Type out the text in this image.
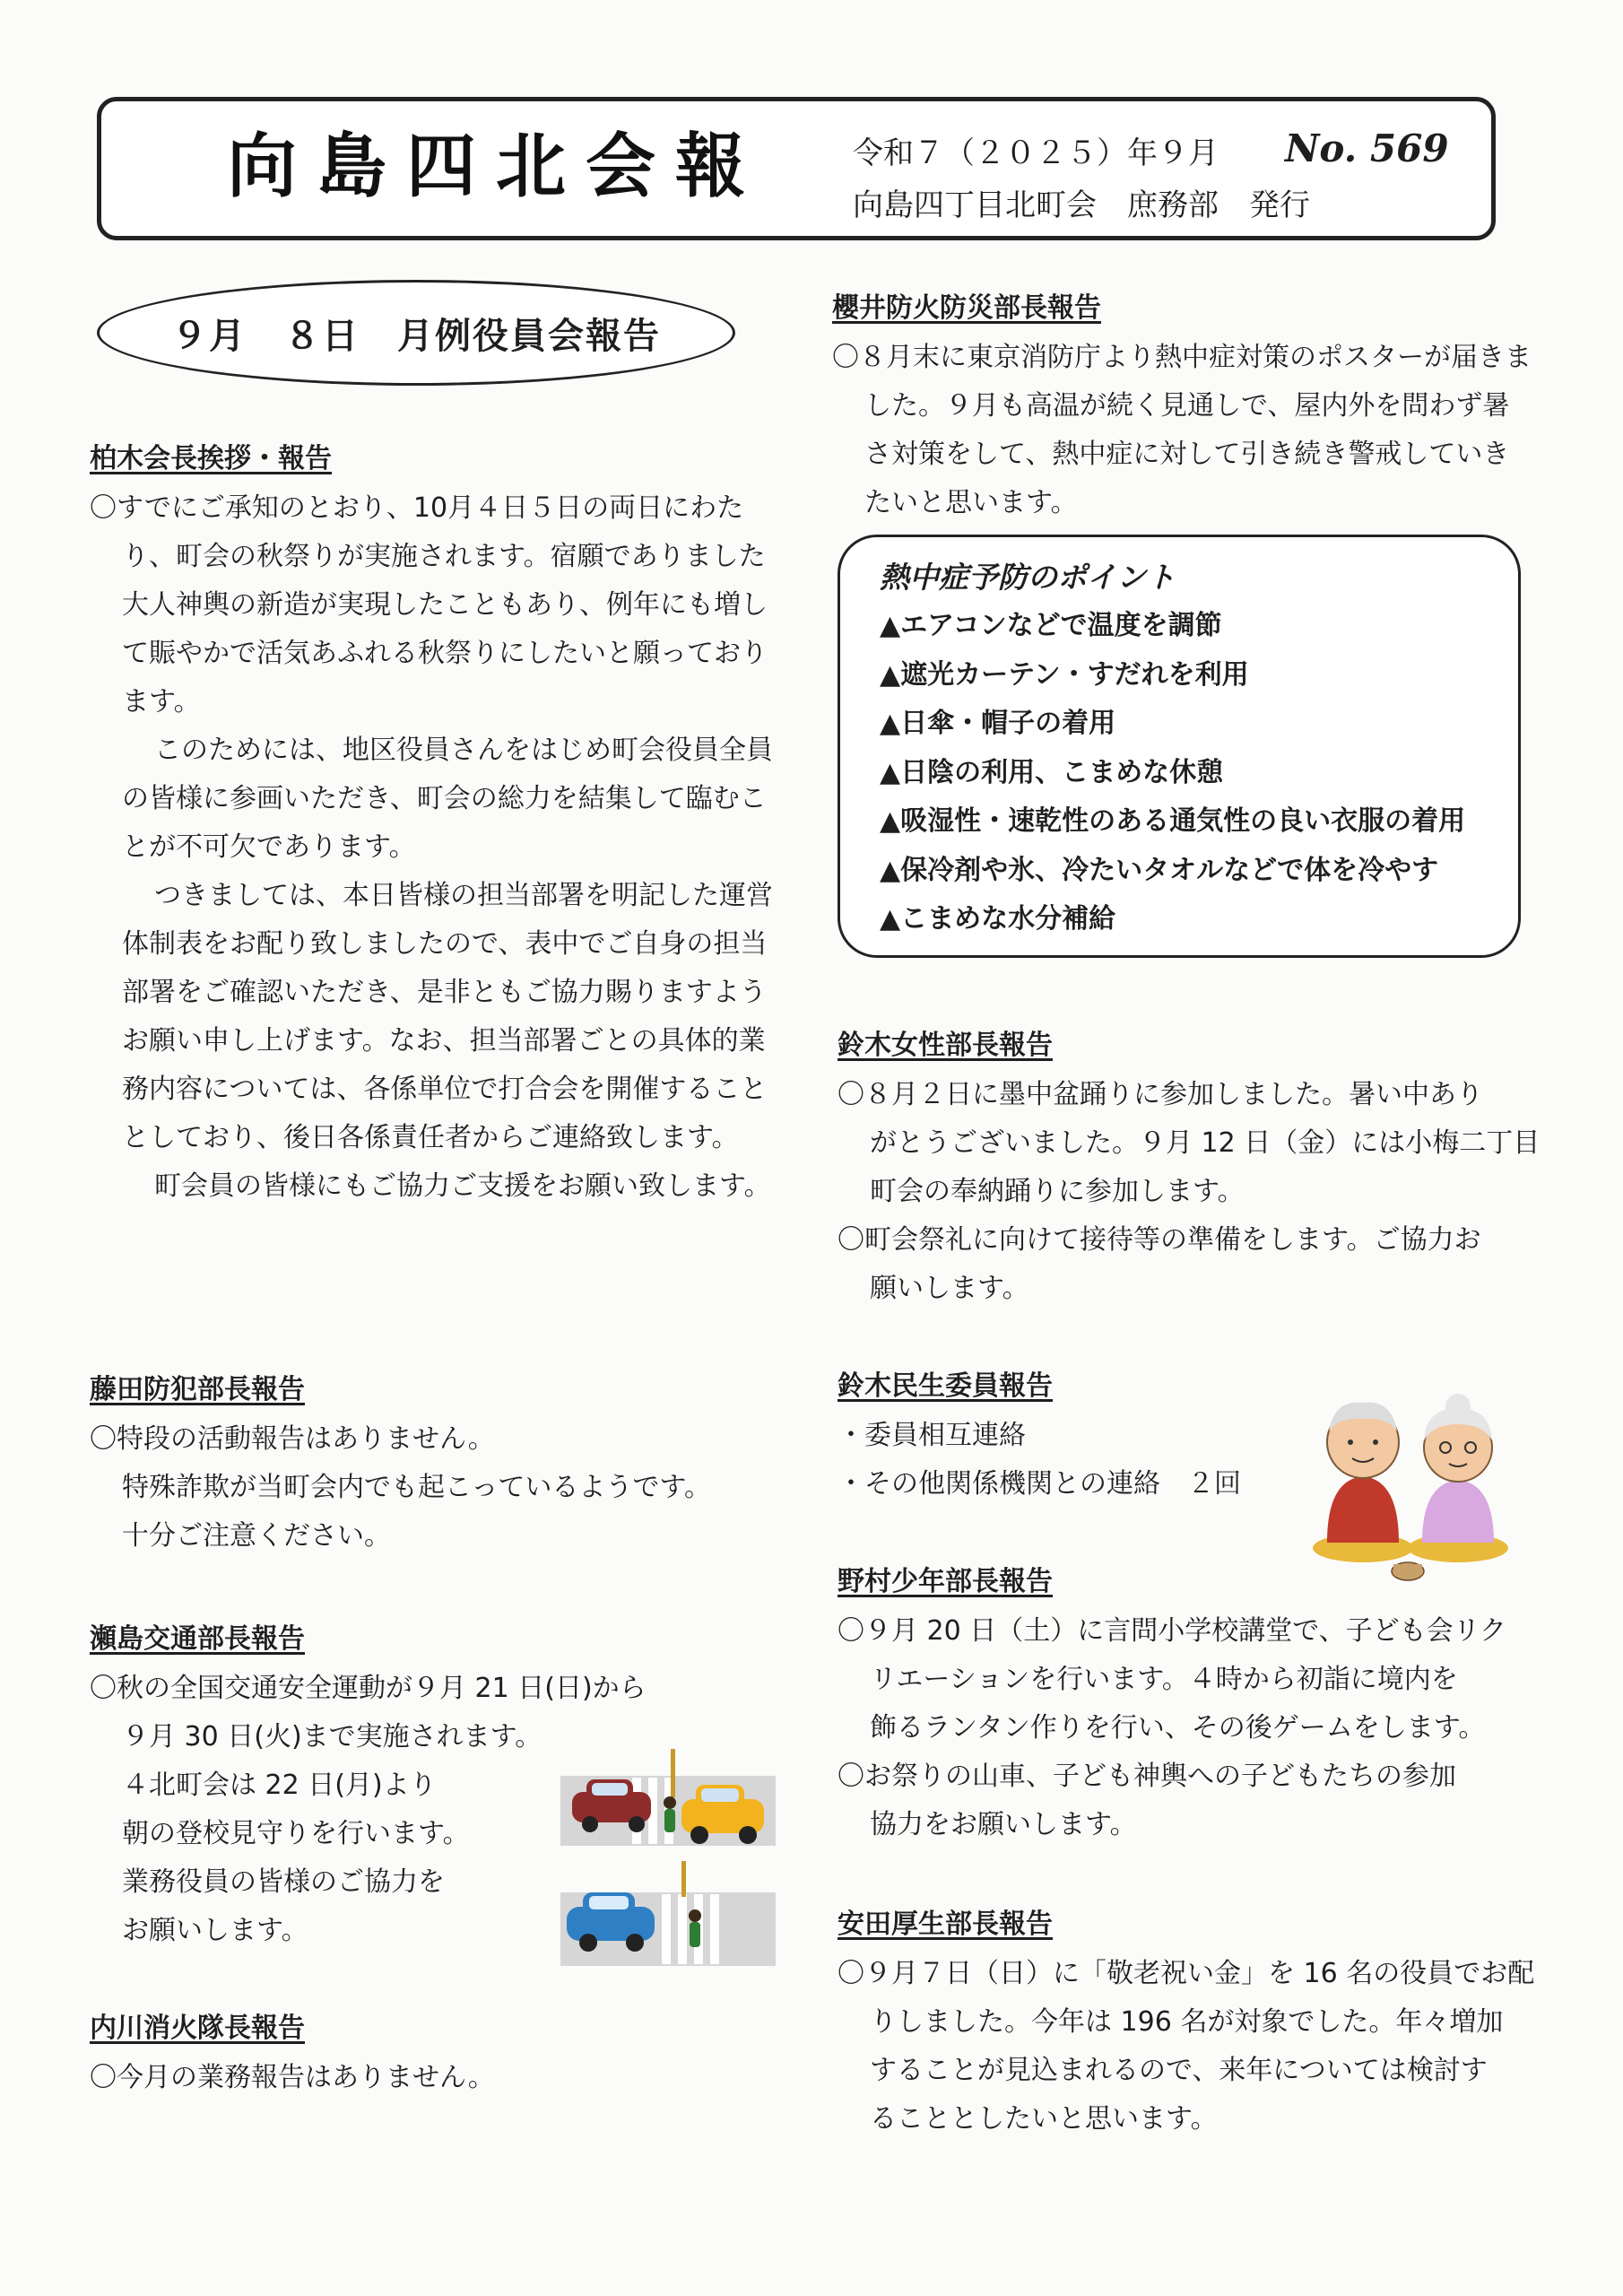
向島四北会報	令和７（２０２５）年９月 No. 569
向島四丁目北町会　庶務部　発行
９月　８日　月例役員会報告
柏木会長挨拶・報告

〇すでにご承知のとおり、10月４日５日の両日にわたり、町会の秋祭りが実施されます。宿願でありました大人神輿の新造が実現したこともあり、例年にも増して賑やかで活気あふれる秋祭りにしたいと願っております。

このためには、地区役員さんをはじめ町会役員全員の皆様に参画いただき、町会の総力を結集して臨むことが不可欠であります。

つきましては、本日皆様の担当部署を明記した運営体制表をお配り致しましたので、表中でご自身の担当部署をご確認いただき、是非ともご協力賜りますようお願い申し上げます。なお、担当部署ごとの具体的業務内容については、各係単位で打合会を開催することとしており、後日各係責任者からご連絡致します。

町会員の皆様にもご協力ご支援をお願い致します。

藤田防犯部長報告
〇特段の活動報告はありません。
特殊詐欺が当町会内でも起こっているようです。
十分ご注意ください。
瀬島交通部長報告
〇秋の全国交通安全運動が９月 21 日(日)から
９月 30 日(火)まで実施されます。
４北町会は 22 日(月)より
朝の登校見守りを行います。
業務役員の皆様のご協力を
お願いします。
内川消火隊長報告
〇今月の業務報告はありません。
櫻井防火防災部長報告

〇８月末に東京消防庁より熱中症対策のポスターが届きました。９月も高温が続く見通しで、屋内外を問わず暑さ対策をして、熱中症に対して引き続き警戒していきたいと思います。

熱中症予防のポイント
▲エアコンなどで温度を調節
▲遮光カーテン・すだれを利用
▲日傘・帽子の着用
▲日陰の利用、こまめな休憩
▲吸湿性・速乾性のある通気性の良い衣服の着用
▲保冷剤や氷、冷たいタオルなどで体を冷やす
▲こまめな水分補給
鈴木女性部長報告
〇８月２日に墨中盆踊りに参加しました。暑い中あり
がとうございました。９月 12 日（金）には小梅二丁目
町会の奉納踊りに参加します。
〇町会祭礼に向けて接待等の準備をします。ご協力お
願いします。
鈴木民生委員報告
・委員相互連絡
・その他関係機関との連絡　２回
野村少年部長報告
〇９月 20 日（土）に言問小学校講堂で、子ども会リク
リエーションを行います。４時から初詣に境内を
飾るランタン作りを行い、その後ゲームをします。
〇お祭りの山車、子ども神輿への子どもたちの参加
協力をお願いします。
安田厚生部長報告
〇９月７日（日）に「敬老祝い金」を 16 名の役員でお配
りしました。今年は 196 名が対象でした。年々増加
することが見込まれるので、来年については検討す
ることとしたいと思います。
